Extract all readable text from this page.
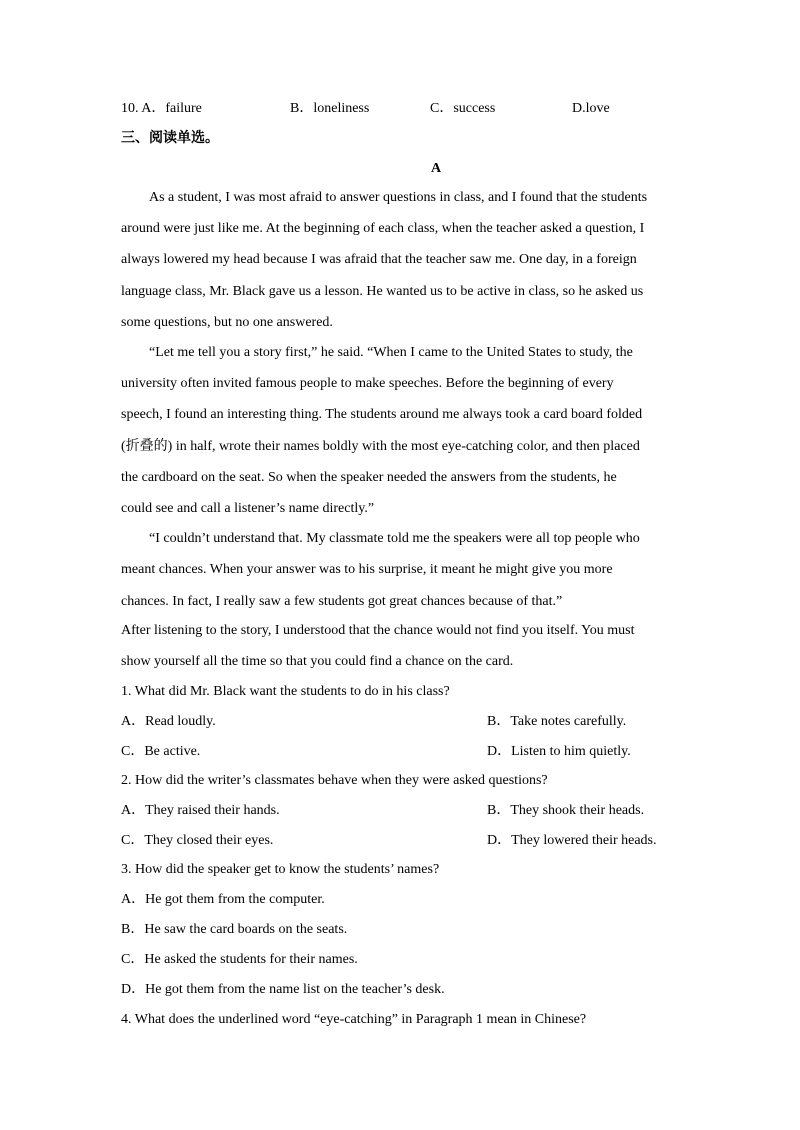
10. A．failure	B．loneliness	C．success	D.love
三、阅读单选。
A
As a student, I was most afraid to answer questions in class, and I found that the students
around were just like me. At the beginning of each class, when the teacher asked a question, I
always lowered my head because I was afraid that the teacher saw me. One day, in a foreign
language class, Mr. Black gave us a lesson. He wanted us to be active in class, so he asked us
some questions, but no one answered.
“Let me tell you a story first,” he said. “When I came to the United States to study, the
university often invited famous people to make speeches. Before the beginning of every
speech, I found an interesting thing. The students around me always took a card board folded
(折叠的) in half, wrote their names boldly with the most eye-catching color, and then placed
the cardboard on the seat. So when the speaker needed the answers from the students, he
could see and call a listener’s name directly.”
“I couldn’t understand that. My classmate told me the speakers were all top people who
meant chances. When your answer was to his surprise, it meant he might give you more
chances. In fact, I really saw a few students got great chances because of that.”
After listening to the story, I understood that the chance would not find you itself. You must
show yourself all the time so that you could find a chance on the card.
1. What did Mr. Black want the students to do in his class?
A．Read loudly.	B．Take notes carefully.
C．Be active.	D．Listen to him quietly.
2. How did the writer’s classmates behave when they were asked questions?
A．They raised their hands.	B．They shook their heads.
C．They closed their eyes.	D．They lowered their heads.
3. How did the speaker get to know the students’ names?
A．He got them from the computer.
B．He saw the card boards on the seats.
C．He asked the students for their names.
D．He got them from the name list on the teacher’s desk.
4. What does the underlined word “eye-catching” in Paragraph 1 mean in Chinese?
